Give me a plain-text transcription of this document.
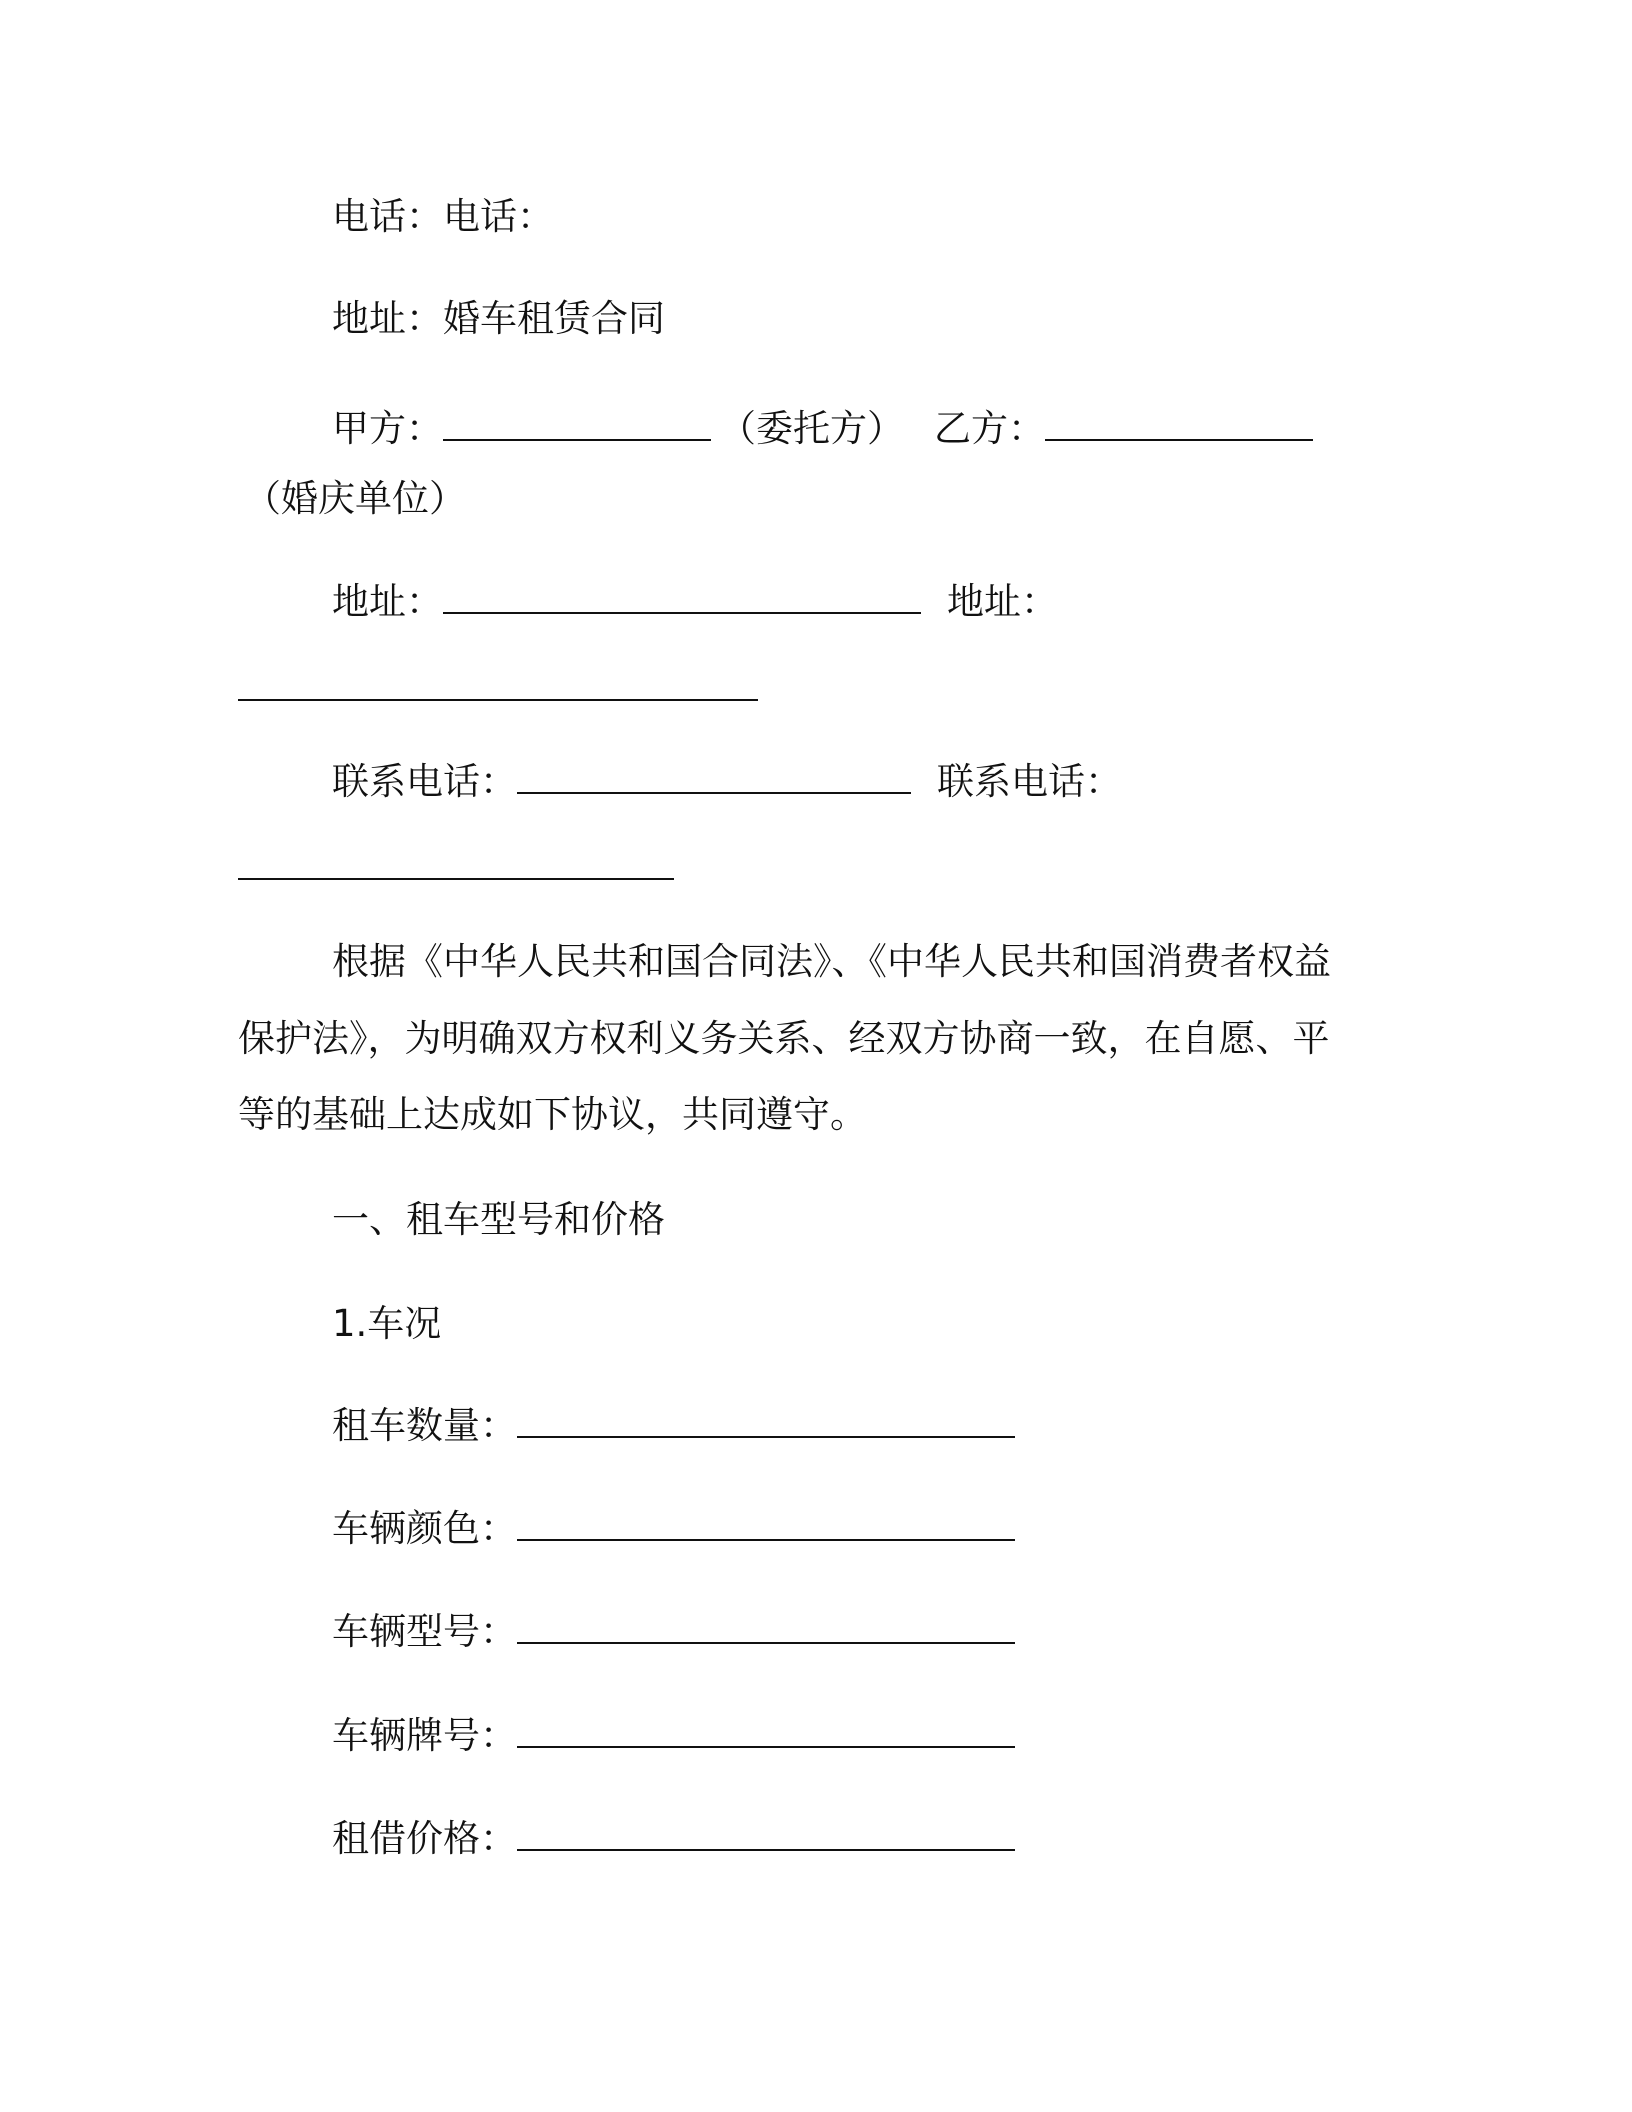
电话：电话：
地址：婚车租赁合同
甲方：	（委托方） 乙方：
（婚庆单位）
地址：	地址：
联系电话：	联系电话：
根据《中华人民共和国合同法》、《中华人民共和国消费者权益
保护法》，为明确双方权利义务关系、经双方协商一致，在自愿、平
等的基础上达成如下协议，共同遵守。
一、租车型号和价格
1.车况
租车数量：
车辆颜色：
车辆型号：
车辆牌号：
租借价格：
